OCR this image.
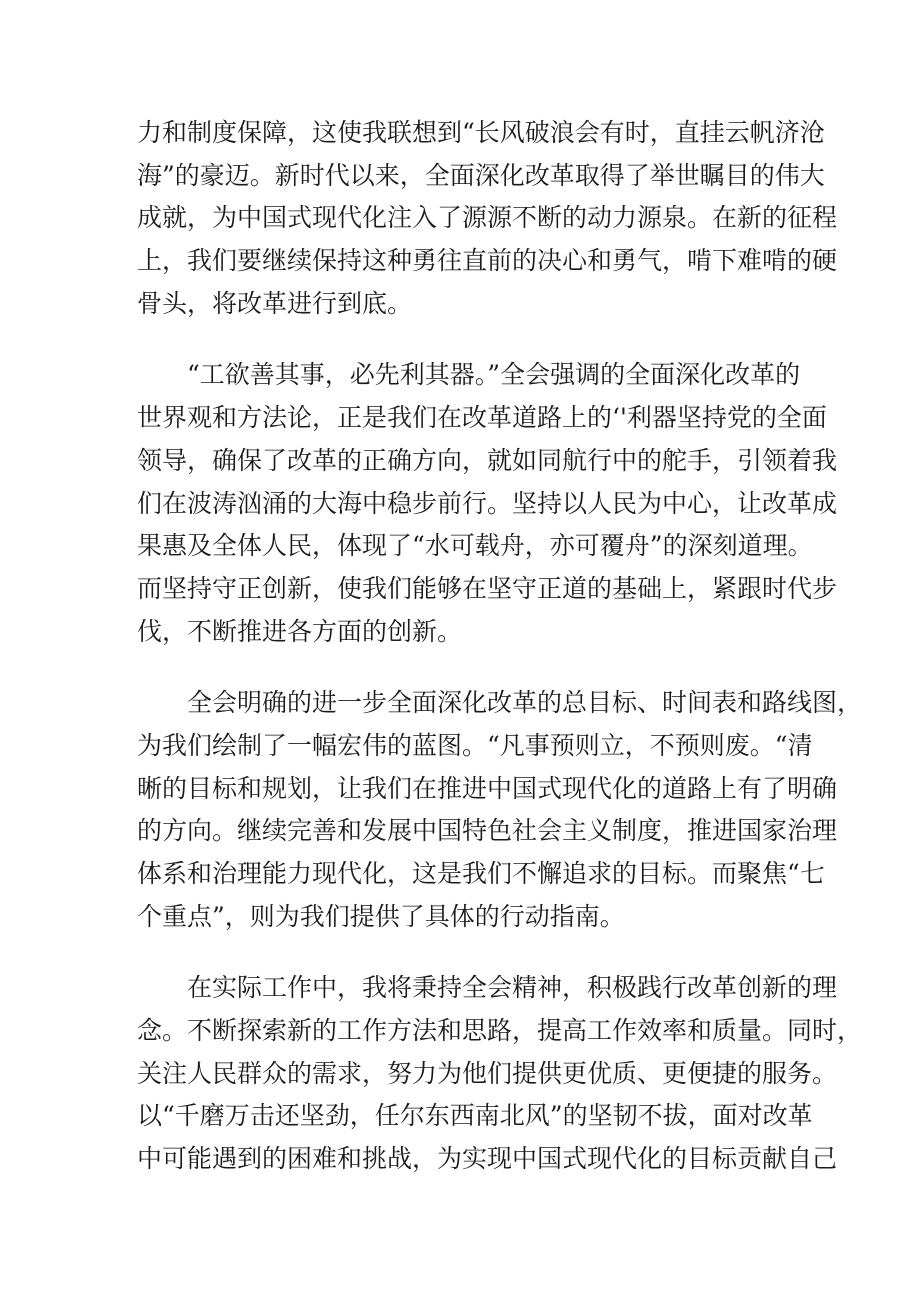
力和制度保障，这使我联想到“长风破浪会有时，直挂云帆济沧
海”的豪迈。新时代以来，全面深化改革取得了举世瞩目的伟大
成就，为中国式现代化注入了源源不断的动力源泉。在新的征程
上，我们要继续保持这种勇往直前的决心和勇气，啃下难啃的硬
骨头，将改革进行到底。
　　“工欲善其事，必先利其器。”全会强调的全面深化改革的
世界观和方法论，正是我们在改革道路上的‘'利器坚持党的全面
领导，确保了改革的正确方向，就如同航行中的舵手，引领着我
们在波涛汹涌的大海中稳步前行。坚持以人民为中心，让改革成
果惠及全体人民，体现了“水可载舟，亦可覆舟”的深刻道理。
而坚持守正创新，使我们能够在坚守正道的基础上，紧跟时代步
伐，不断推进各方面的创新。
　　全会明确的进一步全面深化改革的总目标、时间表和路线图，
为我们绘制了一幅宏伟的蓝图。“凡事预则立，不预则废。“清
晰的目标和规划，让我们在推进中国式现代化的道路上有了明确
的方向。继续完善和发展中国特色社会主义制度，推进国家治理
体系和治理能力现代化，这是我们不懈追求的目标。而聚焦“七
个重点”，则为我们提供了具体的行动指南。
　　在实际工作中，我将秉持全会精神，积极践行改革创新的理
念。不断探索新的工作方法和思路，提高工作效率和质量。同时，
关注人民群众的需求，努力为他们提供更优质、更便捷的服务。
以“千磨万击还坚劲，任尔东西南北风”的坚韧不拔，面对改革
中可能遇到的困难和挑战，为实现中国式现代化的目标贡献自己
